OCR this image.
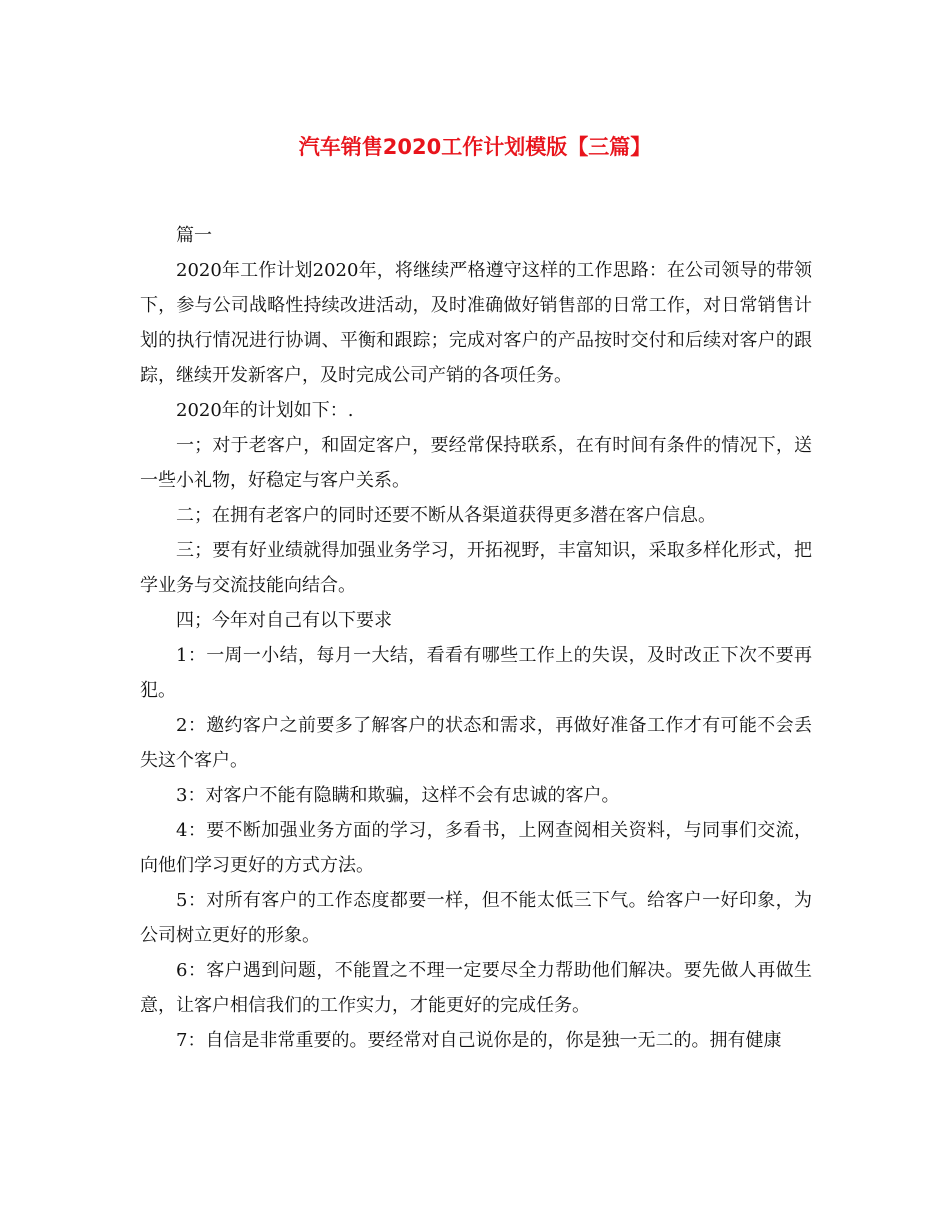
汽车销售2020工作计划模版【三篇】

篇一

2020年工作计划2020年，将继续严格遵守这样的工作思路：在公司领导的带领下，参与公司战略性持续改进活动，及时准确做好销售部的日常工作，对日常销售计划的执行情况进行协调、平衡和跟踪；完成对客户的产品按时交付和后续对客户的跟踪，继续开发新客户，及时完成公司产销的各项任务。

2020年的计划如下：.

一；对于老客户，和固定客户，要经常保持联系，在有时间有条件的情况下，送一些小礼物，好稳定与客户关系。

二；在拥有老客户的同时还要不断从各渠道获得更多潜在客户信息。

三；要有好业绩就得加强业务学习，开拓视野，丰富知识，采取多样化形式，把学业务与交流技能向结合。

四；今年对自己有以下要求

1：一周一小结，每月一大结，看看有哪些工作上的失误，及时改正下次不要再犯。

2：邀约客户之前要多了解客户的状态和需求，再做好准备工作才有可能不会丢失这个客户。

3：对客户不能有隐瞒和欺骗，这样不会有忠诚的客户。

4：要不断加强业务方面的学习，多看书，上网查阅相关资料，与同事们交流，向他们学习更好的方式方法。

5：对所有客户的工作态度都要一样，但不能太低三下气。给客户一好印象，为公司树立更好的形象。

6：客户遇到问题，不能置之不理一定要尽全力帮助他们解决。要先做人再做生意，让客户相信我们的工作实力，才能更好的完成任务。

7：自信是非常重要的。要经常对自己说你是的，你是独一无二的。拥有健康
